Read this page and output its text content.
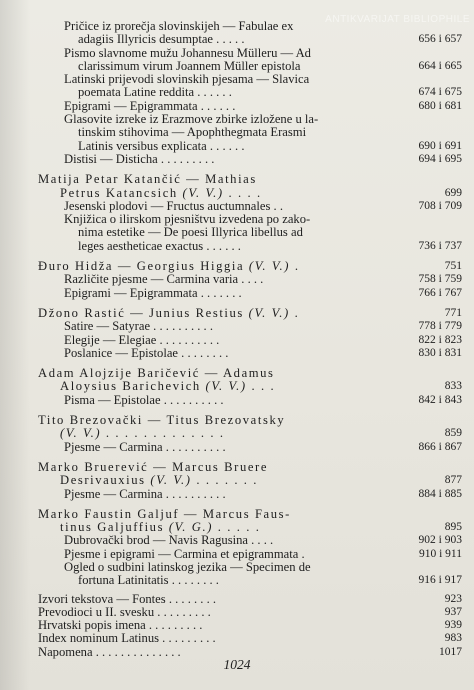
ANTIKVARIJAT BIBLIOPHILE
Pričice iz prorečja slovinskijeh — Fabulae ex
adagiis Illyricis desumptae . . . . .	656 i 657
Pismo slavnome mužu Johannesu Mülleru — Ad
clarissimum virum Joannem Müller epistola	664 i 665
Latinski prijevodi slovinskih pjesama — Slavica
poemata Latine reddita . . . . . .	674 i 675
Epigrami — Epigrammata . . . . . .	680 i 681
Glasovite izreke iz Erazmove zbirke izložene u la-
tinskim stihovima — Apophthegmata Erasmi
Latinis versibus explicata . . . . . .	690 i 691
Distisi — Disticha . . . . . . . . .	694 i 695
Matija Petar Katančić — Mathias
Petrus Katancsich (V. V.) . . . .	699
Jesenski plodovi — Fructus auctumnales . .	708 i 709
Knjižica o ilirskom pjesništvu izvedena po zako-
nima estetike — De poesi Illyrica libellus ad
leges aestheticae exactus . . . . . .	736 i 737
Đuro Hidža — Georgius Higgia (V. V.) .	751
Različite pjesme — Carmina varia . . . .	758 i 759
Epigrami — Epigrammata . . . . . . .	766 i 767
Džono Rastić — Junius Restius (V. V.) .	771
Satire — Satyrae . . . . . . . . . .	778 i 779
Elegije — Elegiae . . . . . . . . . .	822 i 823
Poslanice — Epistolae . . . . . . . .	830 i 831
Adam Alojzije Baričević — Adamus
Aloysius Barichevich (V. V.) . . .	833
Pisma — Epistolae . . . . . . . . . .	842 i 843
Tito Brezovački — Titus Brezovatsky
(V. V.) . . . . . . . . . . . . .	859
Pjesme — Carmina . . . . . . . . . .	866 i 867
Marko Bruerević — Marcus Bruere
Desrivauxius (V. V.) . . . . . . .	877
Pjesme — Carmina . . . . . . . . . .	884 i 885
Marko Faustin Galjuf — Marcus Faus-
tinus Galjuffius (V. G.) . . . . .	895
Dubrovački brod — Navis Ragusina . . . .	902 i 903
Pjesme i epigrami — Carmina et epigrammata .	910 i 911
Ogled o sudbini latinskog jezika — Specimen de
fortuna Latinitatis . . . . . . . .	916 i 917
Izvori tekstova — Fontes . . . . . . . .	923
Prevodioci u II. svesku . . . . . . . . .	937
Hrvatski popis imena . . . . . . . . .	939
Index nominum Latinus . . . . . . . . .	983
Napomena . . . . . . . . . . . . . .	1017
1024
